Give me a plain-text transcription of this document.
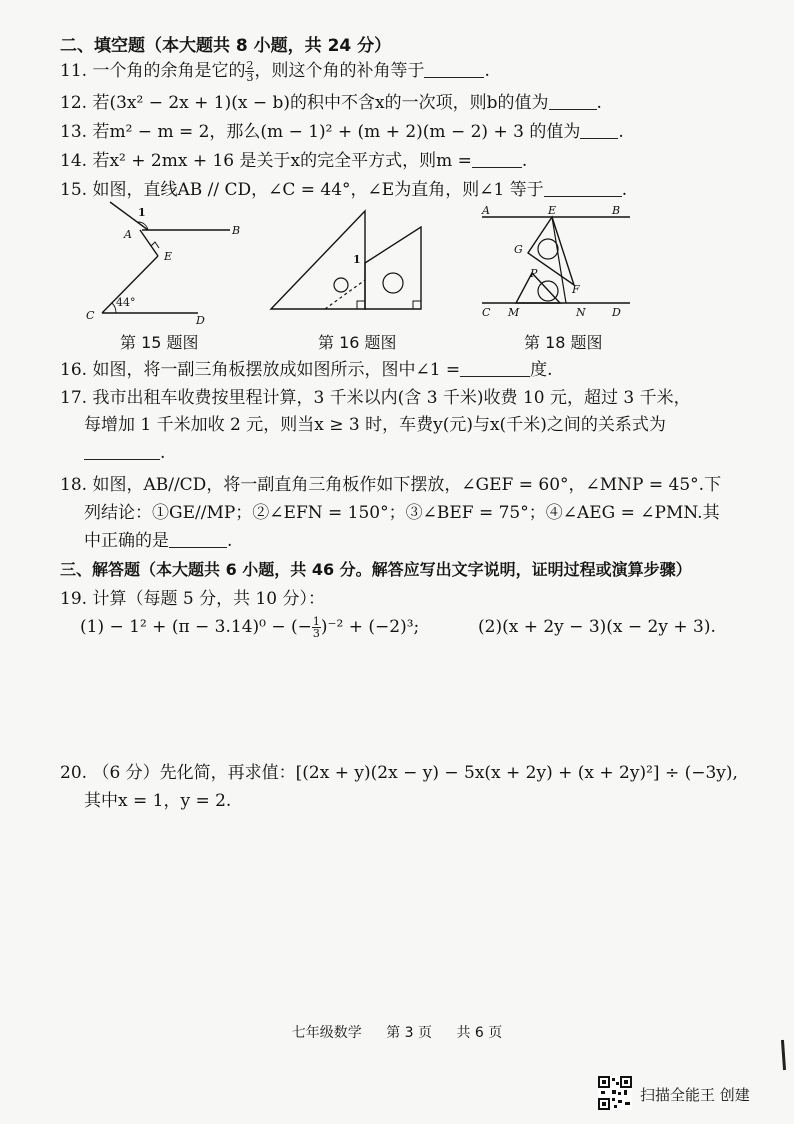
二、填空题（本大题共 8 小题，共 24 分）
11. 一个角的余角是它的 $\frac{2}{3}$ ，则这个角的补角等于	.
12. 若(3x² − 2x + 1)(x − b)的积中不含x的一次项，则b的值为	.
13. 若m² − m = 2，那么(m − 1)² + (m + 2)(m − 2) + 3 的值为 .
14. 若x² + 2mx + 16 是关于x的完全平方式，则m =	.
15. 如图，直线AB // CD，∠C = 44°，∠E为直角，则∠1 等于	.
1
A	B
E
C	D
44°
第 15 题图
1
第 16 题图
A	E	B
G
P
F
C M	N D
第 18 题图
16. 如图，将一副三角板摆放成如图所示，图中∠1 =	度.
17. 我市出租车收费按里程计算，3 千米以内(含 3 千米)收费 10 元，超过 3 千米，
每增加 1 千米加收 2 元，则当x ≥ 3 时，车费y(元)与x(千米)之间的关系式为
.
18. 如图，AB//CD，将一副直角三角板作如下摆放，∠GEF = 60°，∠MNP = 45°.下
列结论：①GE//MP；②∠EFN = 150°；③∠BEF = 75°；④∠AEG = ∠PMN.其
中正确的是	.
三、解答题（本大题共 6 小题，共 46 分。解答应写出文字说明，证明过程或演算步骤）
19. 计算（每题 5 分，共 10 分）：
(1) − 1² + (π − 3.14)⁰ − (− $\frac{1}{3} )^{-2} + (-2)^3$;	(2)(x + 2y − 3)(x − 2y + 3).
20. （6 分）先化简，再求值：[(2x + y)(2x − y) − 5x(x + 2y) + (x + 2y)²] ÷ (−3y),
其中x = 1，y = 2.
七年级数学 第 3 页 共 6 页
扫描全能王 创建
